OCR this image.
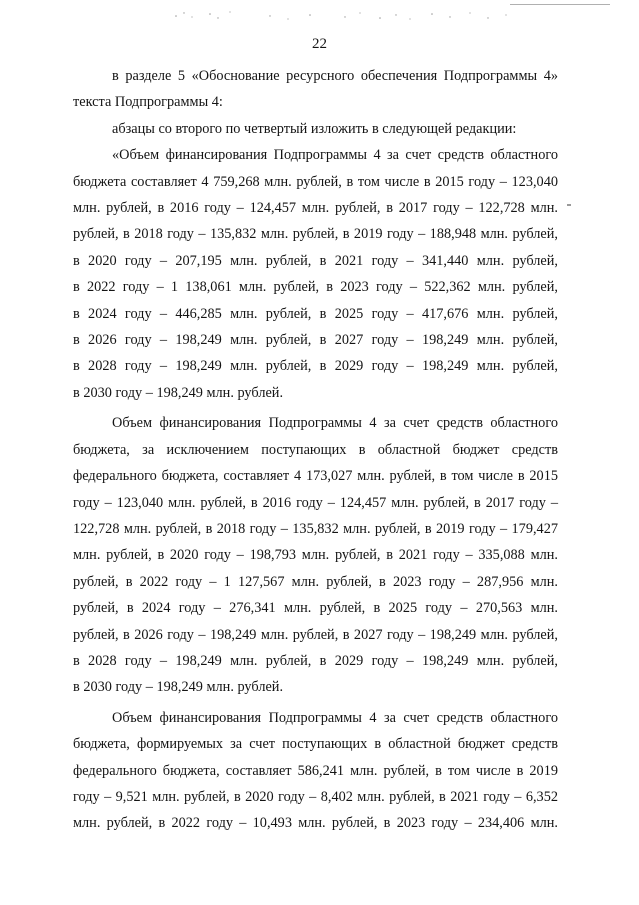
22

в разделе 5 «Обоснование ресурсного обеспечения Подпрограммы 4»
текста Подпрограммы 4:
абзацы со второго по четвертый изложить в следующей редакции:

«Объем финансирования Подпрограммы 4 за счет средств областного
бюджета составляет 4 759,268 млн. рублей, в том числе в 2015 году – 123,040
млн. рублей, в 2016 году – 124,457 млн. рублей, в 2017 году – 122,728 млн.
рублей, в 2018 году – 135,832 млн. рублей, в 2019 году – 188,948 млн. рублей,
в 2020 году – 207,195 млн. рублей, в 2021 году – 341,440 млн. рублей,
в 2022 году – 1 138,061 млн. рублей, в 2023 году – 522,362 млн. рублей,
в 2024 году – 446,285 млн. рублей, в 2025 году – 417,676 млн. рублей,
в 2026 году – 198,249 млн. рублей, в 2027 году – 198,249 млн. рублей,
в 2028 году – 198,249 млн. рублей, в 2029 году – 198,249 млн. рублей,
в 2030 году – 198,249 млн. рублей.

Объем финансирования Подпрограммы 4 за счет средств областного
бюджета, за исключением поступающих в областной бюджет средств
федерального бюджета, составляет 4 173,027 млн. рублей, в том числе в 2015
году – 123,040 млн. рублей, в 2016 году – 124,457 млн. рублей, в 2017 году –
122,728 млн. рублей, в 2018 году – 135,832 млн. рублей, в 2019 году – 179,427
млн. рублей, в 2020 году – 198,793 млн. рублей, в 2021 году – 335,088 млн.
рублей, в 2022 году – 1 127,567 млн. рублей, в 2023 году – 287,956 млн.
рублей, в 2024 году – 276,341 млн. рублей, в 2025 году – 270,563 млн.
рублей, в 2026 году – 198,249 млн. рублей, в 2027 году – 198,249 млн. рублей,
в 2028 году – 198,249 млн. рублей, в 2029 году – 198,249 млн. рублей,
в 2030 году – 198,249 млн. рублей.

Объем финансирования Подпрограммы 4 за счет средств областного
бюджета, формируемых за счет поступающих в областной бюджет средств
федерального бюджета, составляет 586,241 млн. рублей, в том числе в 2019
году – 9,521 млн. рублей, в 2020 году – 8,402 млн. рублей, в 2021 году – 6,352
млн. рублей, в 2022 году – 10,493 млн. рублей, в 2023 году – 234,406 млн.
